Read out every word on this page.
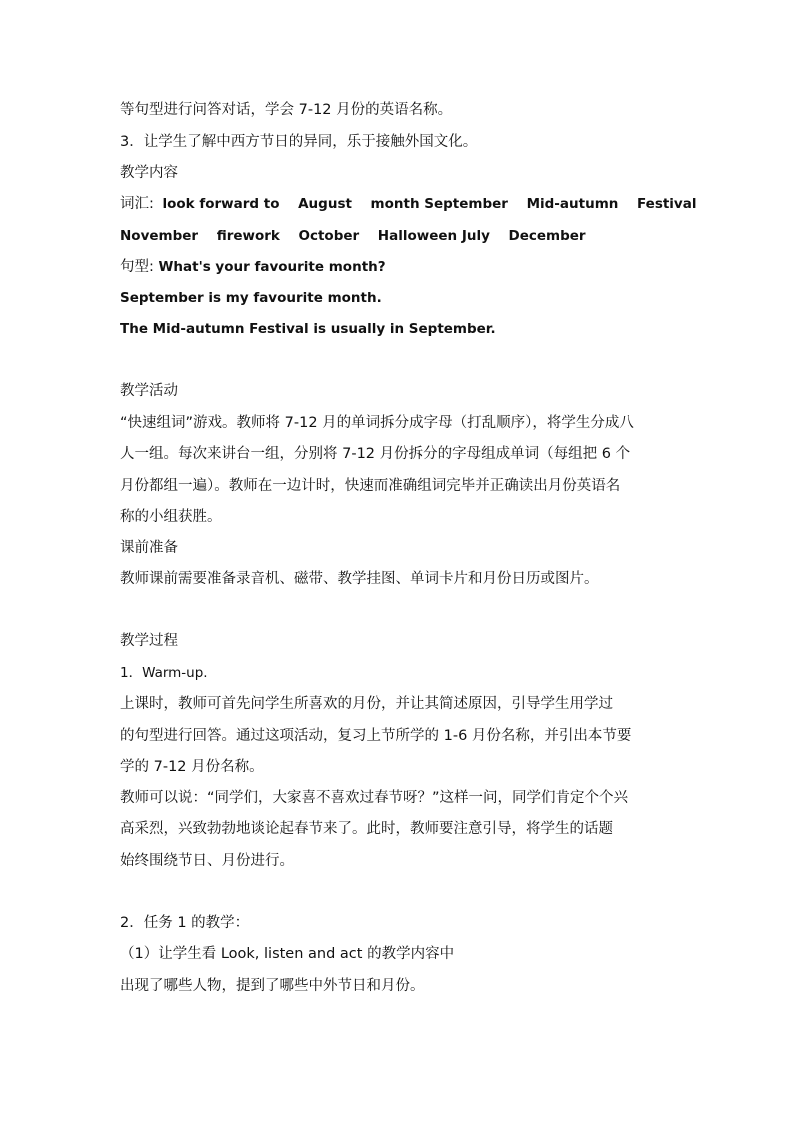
等句型进行问答对话，学会 7-12 月份的英语名称。
3．让学生了解中西方节日的异同，乐于接触外国文化。
教学内容
词汇: look forward to August month September Mid-autumn Festival
November firework October Halloween July December
句型: What's your favourite month?
September is my favourite month.
The Mid-autumn Festival is usually in September.
教学活动
“快速组词”游戏。教师将 7-12 月的单词拆分成字母（打乱顺序），将学生分成八
人一组。每次来讲台一组，分别将 7-12 月份拆分的字母组成单词（每组把 6 个
月份都组一遍）。教师在一边计时，快速而准确组词完毕并正确读出月份英语名
称的小组获胜。
课前准备
教师课前需要准备录音机、磁带、教学挂图、单词卡片和月份日历或图片。
教学过程
1．Warm-up.
上课时，教师可首先问学生所喜欢的月份，并让其简述原因，引导学生用学过
的句型进行回答。通过这项活动，复习上节所学的 1-6 月份名称，并引出本节要
学的 7-12 月份名称。
教师可以说：“同学们，大家喜不喜欢过春节呀？”这样一问，同学们肯定个个兴
高采烈，兴致勃勃地谈论起春节来了。此时，教师要注意引导，将学生的话题
始终围绕节日、月份进行。
2．任务 1 的教学：
（1）让学生看 Look, listen and act 的教学内容中
出现了哪些人物，提到了哪些中外节日和月份。
